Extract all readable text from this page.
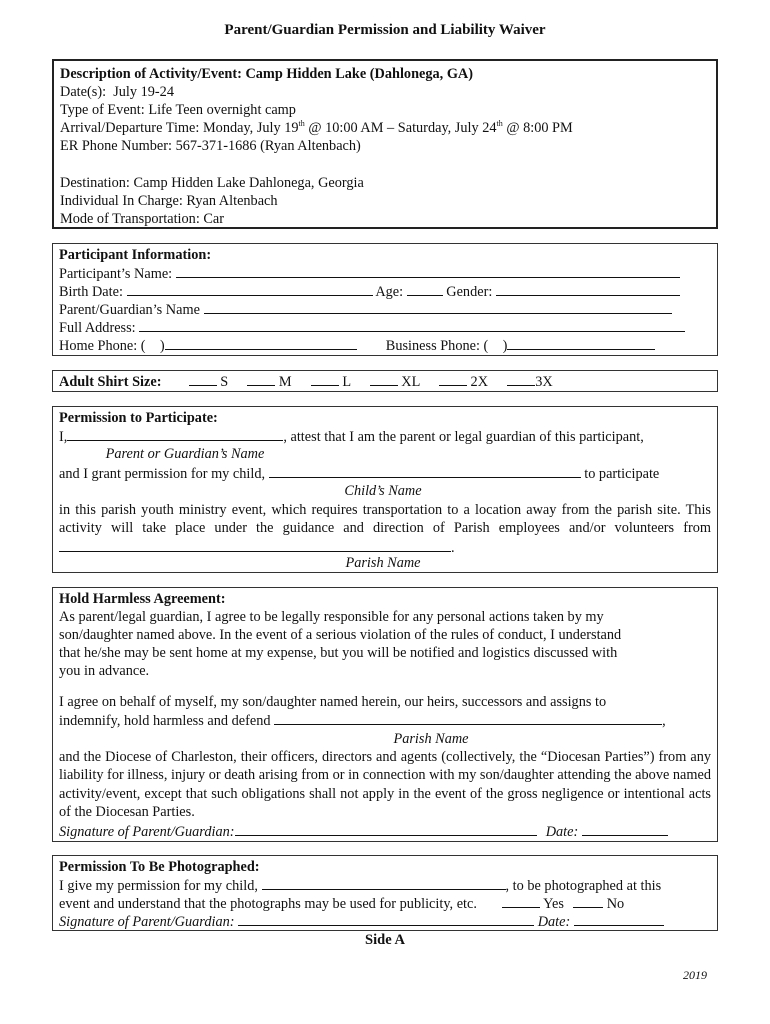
Parent/Guardian Permission and Liability Waiver
Description of Activity/Event: Camp Hidden Lake (Dahlonega, GA)
Date(s): July 19-24
Type of Event: Life Teen overnight camp
Arrival/Departure Time: Monday, July 19th @ 10:00 AM – Saturday, July 24th @ 8:00 PM
ER Phone Number: 567-371-1686 (Ryan Altenbach)
Destination: Camp Hidden Lake Dahlonega, Georgia
Individual In Charge: Ryan Altenbach
Mode of Transportation: Car
Participant Information:
Participant’s Name:
Birth Date:	Age:	Gender:
Parent/Guardian’s Name
Full Address:
Home Phone: ( )	Business Phone: ( )
Adult Shirt Size:	S	M	L	XL	2X	3X
Permission to Participate:
I,	, attest that I am the parent or legal guardian of this participant,
Parent or Guardian’s Name
and I grant permission for my child,	to participate
Child’s Name
in this parish youth ministry event, which requires transportation to a location away from the parish site. This activity will take place under the guidance and direction of Parish employees and/or volunteers from .
Parish Name
Hold Harmless Agreement:
As parent/legal guardian, I agree to be legally responsible for any personal actions taken by my
son/daughter named above. In the event of a serious violation of the rules of conduct, I understand
that he/she may be sent home at my expense, but you will be notified and logistics discussed with
you in advance.
I agree on behalf of myself, my son/daughter named herein, our heirs, successors and assigns to
indemnify, hold harmless and defend	,
Parish Name
and the Diocese of Charleston, their officers, directors and agents (collectively, the “Diocesan Parties”) from any liability for illness, injury or death arising from or in connection with my son/daughter attending the above named activity/event, except that such obligations shall not apply in the event of the gross negligence or intentional acts of the Diocesan Parties.
Signature of Parent/Guardian:	Date:
Permission To Be Photographed:
I give my permission for my child,	, to be photographed at this
event and understand that the photographs may be used for publicity, etc.	Yes	No
Signature of Parent/Guardian:	Date:
Side A
2019
